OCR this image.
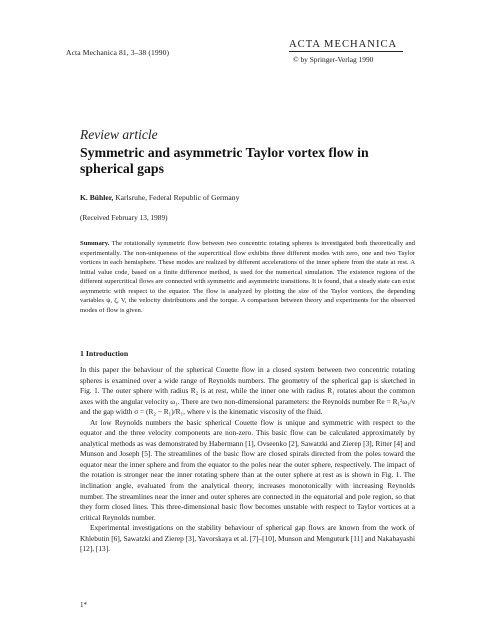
Acta Mechanica 81, 3–38 (1990)
ACTA MECHANICA
© by Springer-Verlag 1990
Review article
Symmetric and asymmetric Taylor vortex flow in spherical gaps
K. Bühler, Karlsruhe, Federal Republic of Germany
(Received February 13, 1989)
Summary. The rotationally symmetric flow between two concentric rotating spheres is investigated both theoretically and experimentally. The non-uniqueness of the supercritical flow exhibits three different modes with zero, one and two Taylor vortices in each hemisphere. These modes are realized by different accelerations of the inner sphere from the state at rest. A initial value code, based on a finite difference method, is used for the numerical simulation. The existence regions of the different supercritical flows are connected with symmetric and asymmetric transitions. It is found, that a steady state can exist asymmetric with respect to the equator. The flow is analyzed by plotting the size of the Taylor vortices, the depending variables ψ, ζ, V, the velocity distributions and the torque. A comparison between theory and experiments for the observed modes of flow is given.
1 Introduction

In this paper the behaviour of the spherical Couette flow in a closed system between two concentric rotating spheres is examined over a wide range of Reynolds numbers. The geometry of the spherical gap is sketched in Fig. 1. The outer sphere with radius R₂ is at rest, while the inner one with radius R₁ rotates about the common axes with the angular velocity ω₁. There are two non-dimensional parameters: the Reynolds number Re = R₁²ω₁/ν and the gap width σ = (R₂ − R₁)/R₁, where ν is the kinematic viscosity of the fluid.

At low Reynolds numbers the basic spherical Couette flow is unique and symmetric with respect to the equator and the three velocity components are non-zero. This basic flow can be calculated approximately by analytical methods as was demonstrated by Habermann [1], Ovseenko [2], Sawatzki and Zierep [3], Ritter [4] and Munson and Joseph [5]. The streamlines of the basic flow are closed spirals directed from the poles toward the equator near the inner sphere and from the equator to the poles near the outer sphere, respectively. The impact of the rotation is stronger near the inner rotating sphere than at the outer sphere at rest as is shown in Fig. 1. The inclination angle, evaluated from the analytical theory, increases monotonically with increasing Reynolds number. The streamlines near the inner and outer spheres are connected in the equatorial and pole region, so that they form closed lines. This three-dimensional basic flow becomes unstable with respect to Taylor vortices at a critical Reynolds number.

Experimental investigations on the stability behaviour of spherical gap flows are known from the work of Khlebutin [6], Sawatzki and Zierep [3], Yavorskaya et al. [7]–[10], Munson and Menguturk [11] and Nakabayashi [12], [13].

1*
